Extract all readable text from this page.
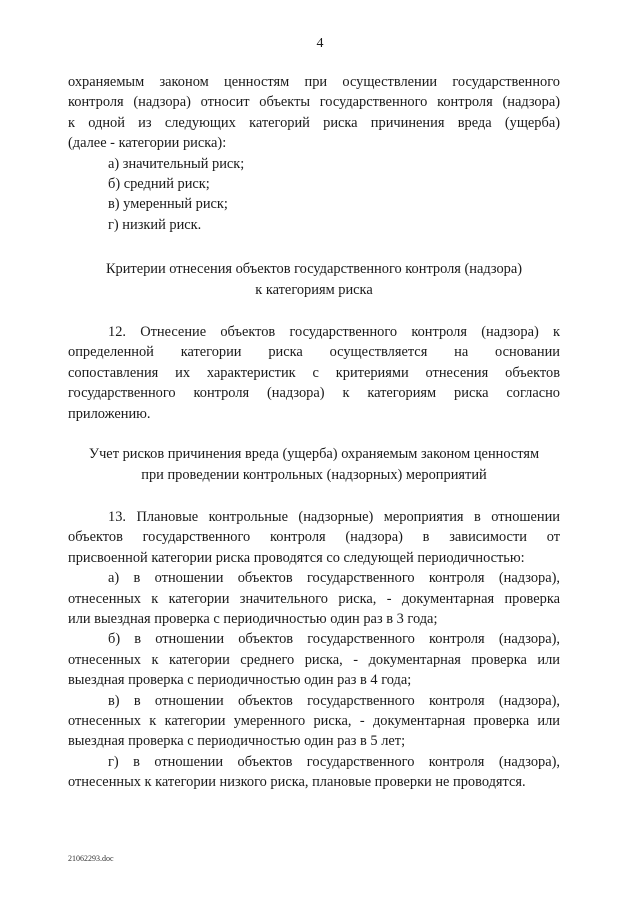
4

охраняемым законом ценностям при осуществлении государственного

контроля (надзора) относит объекты государственного контроля (надзора)

к одной из следующих категорий риска причинения вреда (ущерба)

(далее - категории риска):

а) значительный риск;

б) средний риск;

в) умеренный риск;

г) низкий риск.

Критерии отнесения объектов государственного контроля (надзора)

к категориям риска

12. Отнесение объектов государственного контроля (надзора) к

определенной категории риска осуществляется на основании

сопоставления их характеристик с критериями отнесения объектов

государственного контроля (надзора) к категориям риска согласно

приложению.

Учет рисков причинения вреда (ущерба) охраняемым законом ценностям

при проведении контрольных (надзорных) мероприятий

13. Плановые контрольные (надзорные) мероприятия в отношении

объектов государственного контроля (надзора) в зависимости от

присвоенной категории риска проводятся со следующей периодичностью:

а) в отношении объектов государственного контроля (надзора),

отнесенных к категории значительного риска, - документарная проверка

или выездная проверка с периодичностью один раз в 3 года;

б) в отношении объектов государственного контроля (надзора),

отнесенных к категории среднего риска, - документарная проверка или

выездная проверка с периодичностью один раз в 4 года;

в) в отношении объектов государственного контроля (надзора),

отнесенных к категории умеренного риска, - документарная проверка или

выездная проверка с периодичностью один раз в 5 лет;

г) в отношении объектов государственного контроля (надзора),

отнесенных к категории низкого риска, плановые проверки не проводятся.

21062293.doc
